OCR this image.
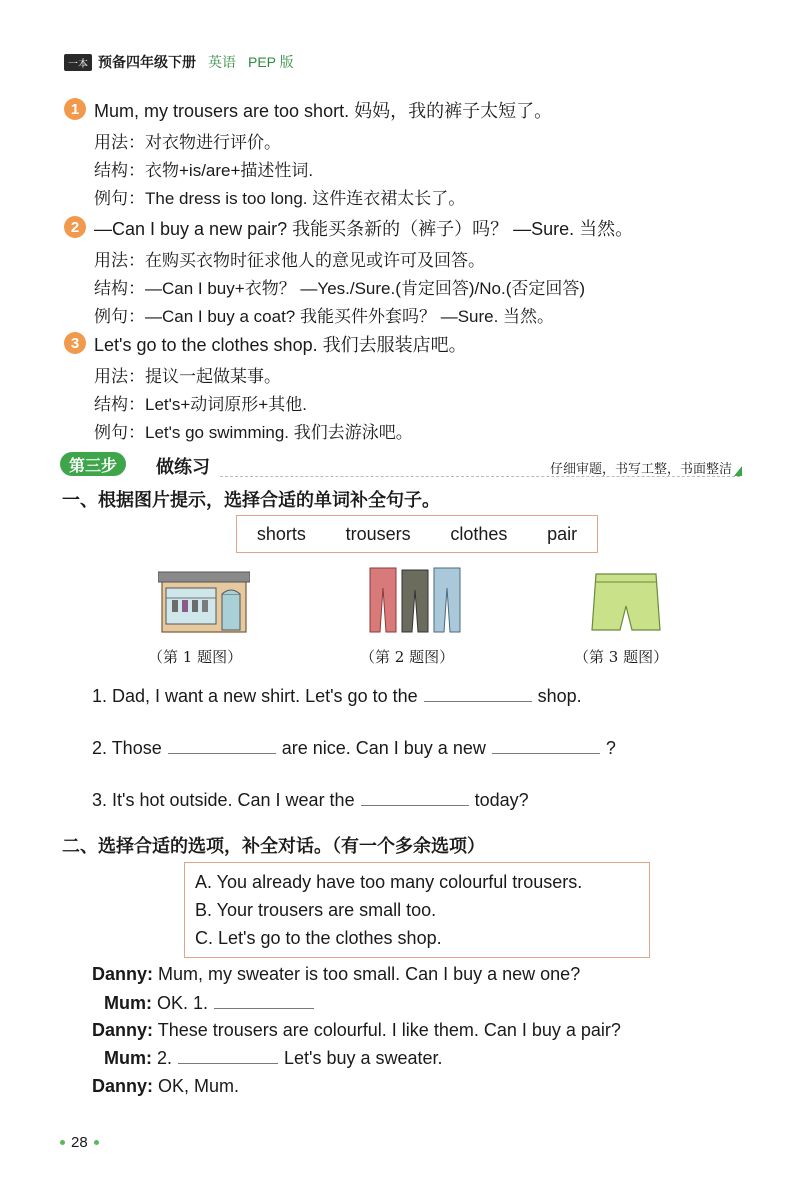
一本 预备四年级下册 英语 PEP 版
1 Mum, my trousers are too short. 妈妈，我的裤子太短了。
用法：对衣物进行评价。
结构：衣物+is/are+描述性词.
例句：The dress is too long. 这件连衣裙太长了。
2 —Can I buy a new pair? 我能买条新的（裤子）吗？ —Sure. 当然。
用法：在购买衣物时征求他人的意见或许可及回答。
结构：—Can I buy+衣物？ —Yes./Sure.(肯定回答)/No.(否定回答)
例句：—Can I buy a coat? 我能买件外套吗？ —Sure. 当然。
3 Let's go to the clothes shop. 我们去服装店吧。
用法：提议一起做某事。
结构：Let's+动词原形+其他.
例句：Let's go swimming. 我们去游泳吧。
第三步	做练习	仔细审题，书写工整，书面整洁
一、根据图片提示，选择合适的单词补全句子。
shorts trousers clothes pair
（第 1 题图）	（第 2 题图）	（第 3 题图）
1. Dad, I want a new shirt. Let's go to the	shop.
2. Those	are nice. Can I buy a new	?
3. It's hot outside. Can I wear the	today?
二、选择合适的选项，补全对话。（有一个多余选项）
A. You already have too many colourful trousers.
B. Your trousers are small too.
C. Let's go to the clothes shop.
Danny: Mum, my sweater is too small. Can I buy a new one?
Mum: OK. 1.
Danny: These trousers are colourful. I like them. Can I buy a pair?
Mum: 2.	Let's buy a sweater.
Danny: OK, Mum.
28
